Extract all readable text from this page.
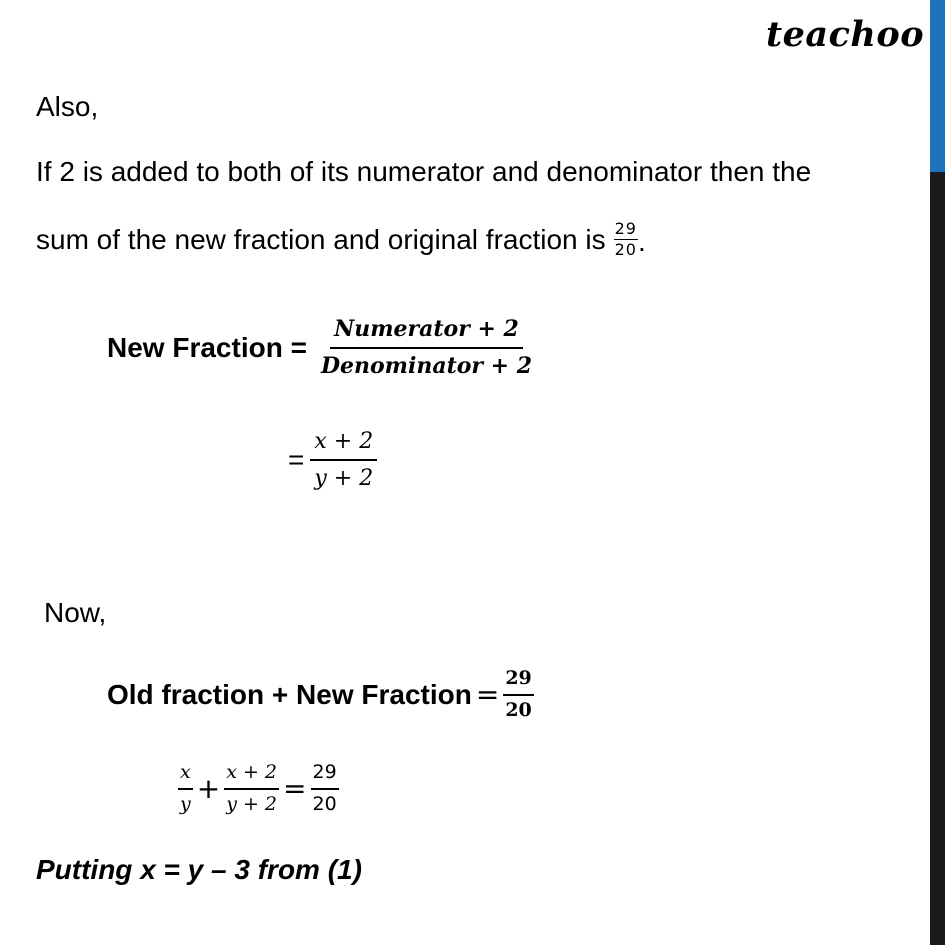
teachoo
Also,
If 2 is added to both of its numerator and denominator then the
sum of the new fraction and original fraction is $\frac{29}{20}$ .
New Fraction = $\frac{\text{Numerator + 2}}{\text{Denominator + 2}}$
= $\frac{x + 2}{y + 2}$
Now,
Old fraction + New Fraction = $\frac{29}{20}$
$\frac{x}{y} + \frac{x + 2}{y + 2} = \frac{29}{20}$
Putting x = y – 3 from (1)
